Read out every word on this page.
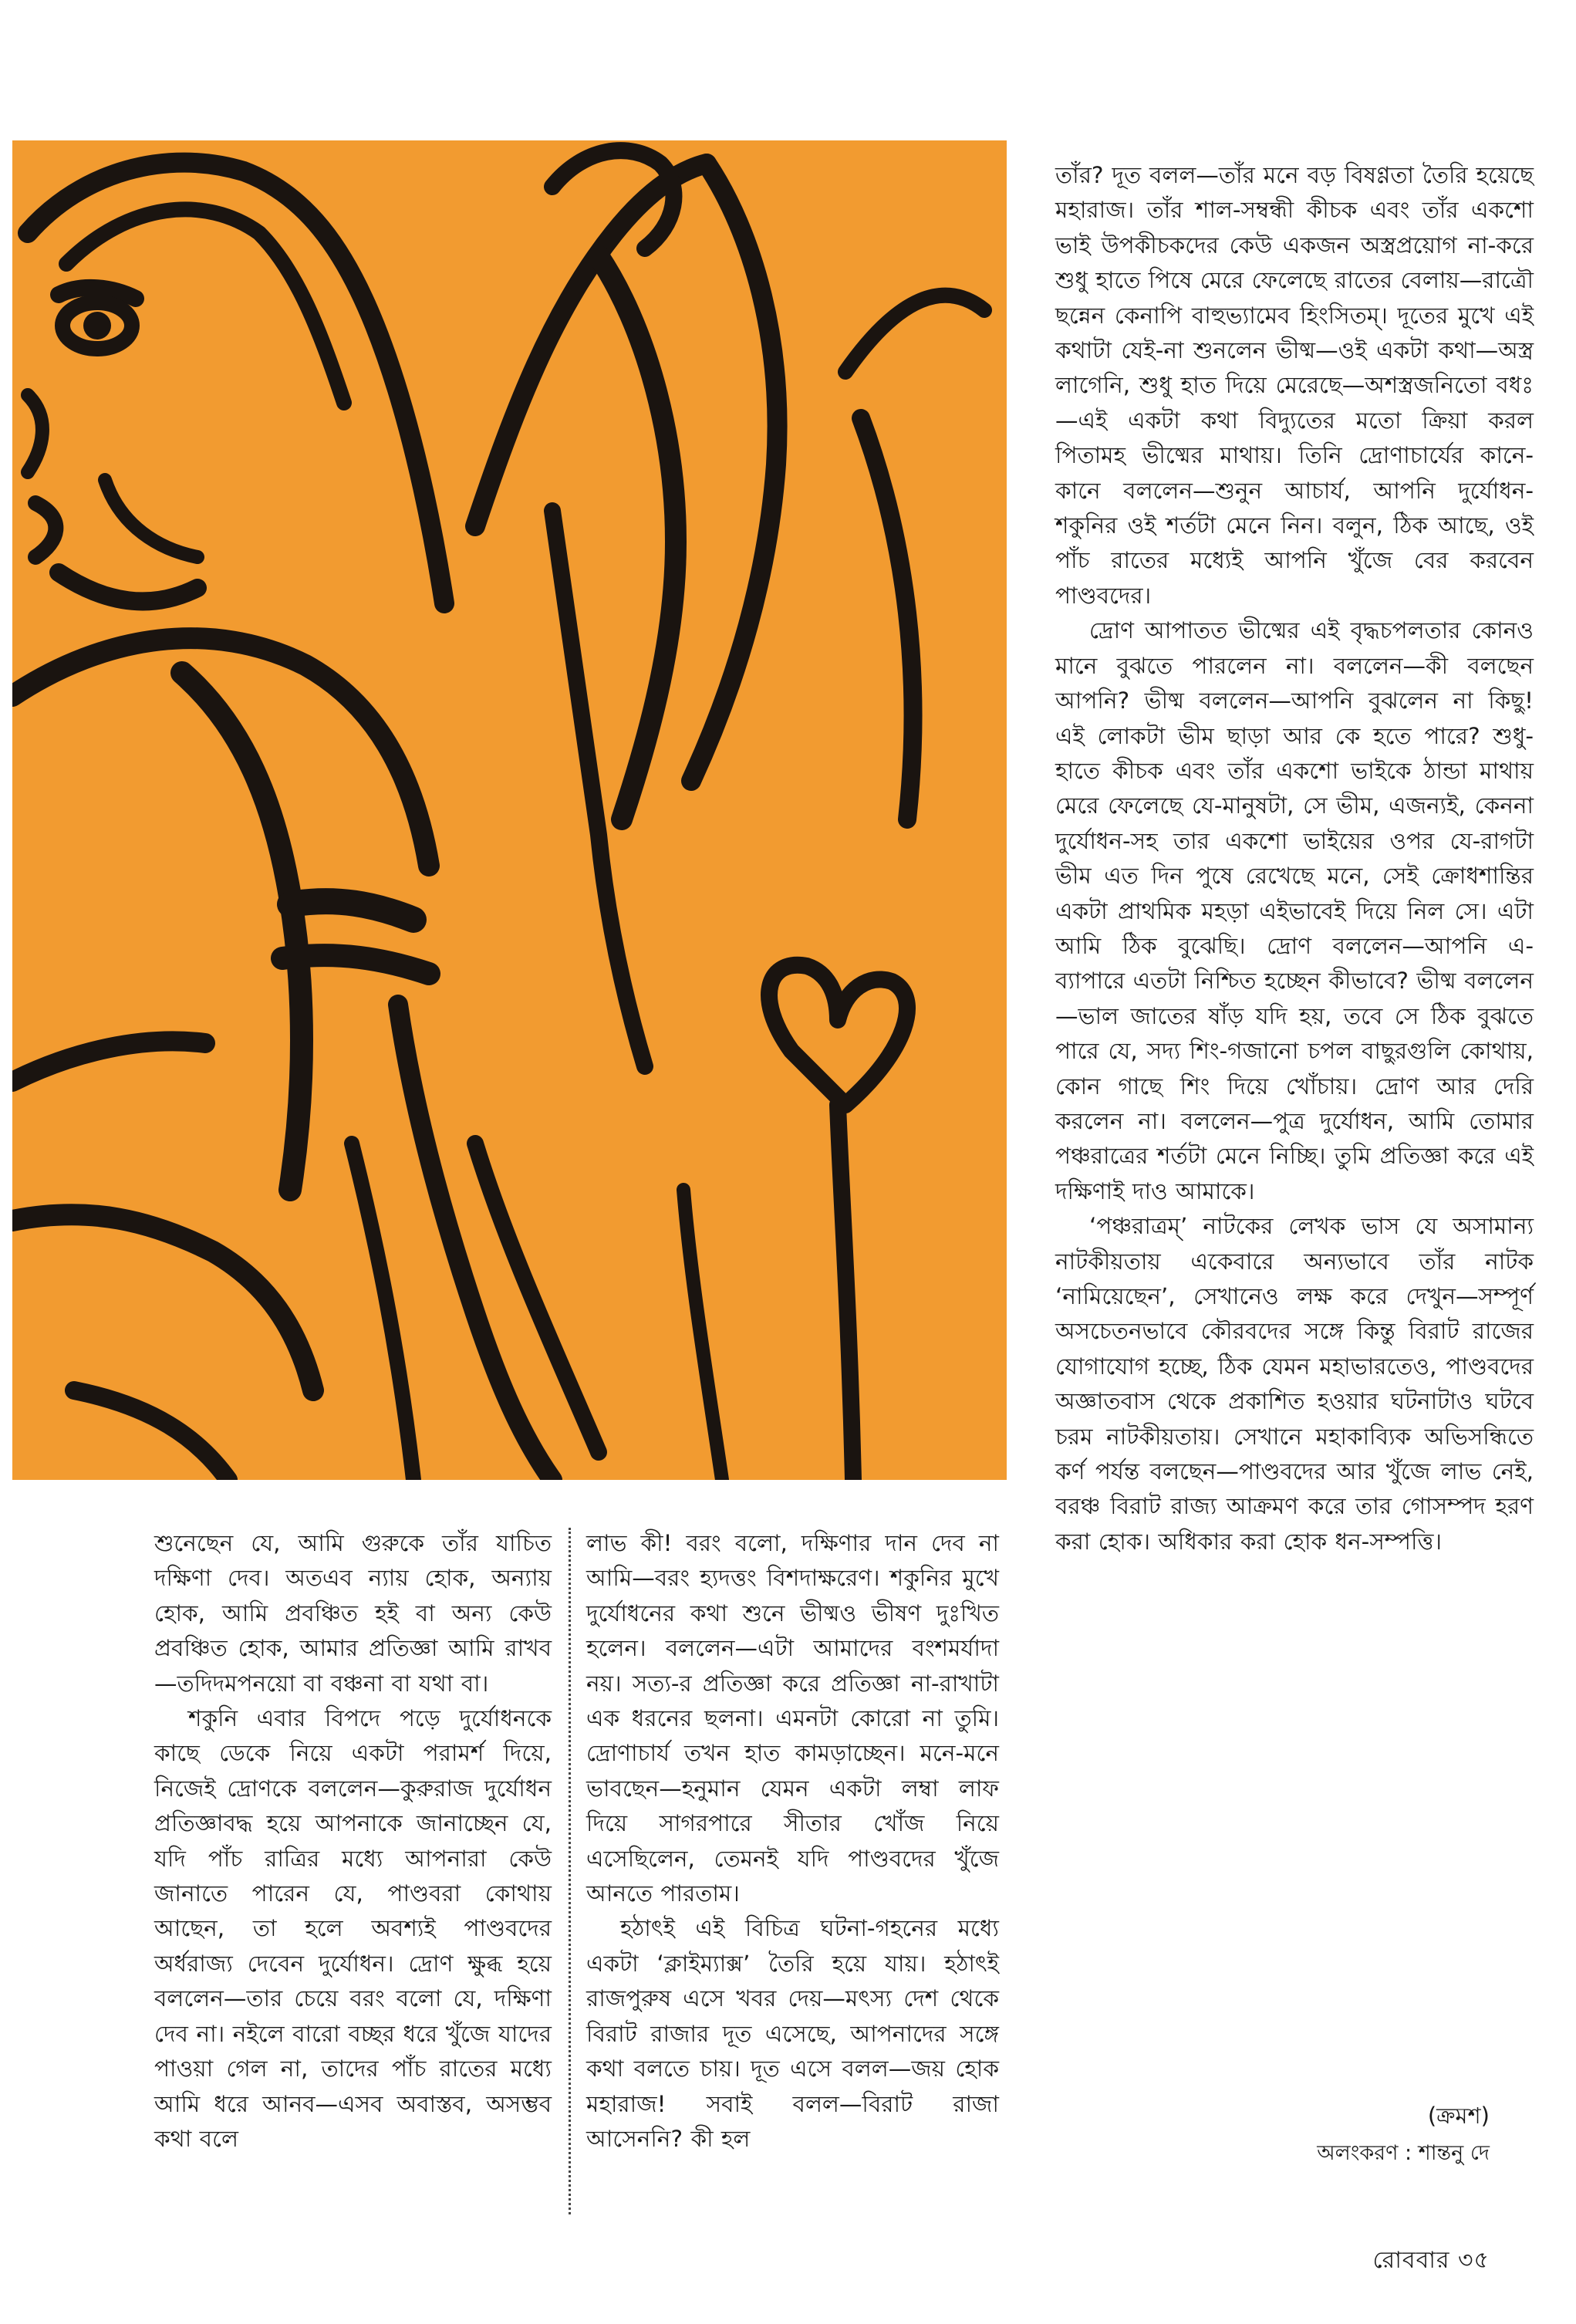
তাঁর? দূত বলল—তাঁর মনে বড় বিষণ্ণতা তৈরি হয়েছে মহারাজ। তাঁর শাল-সম্বন্ধী কীচক এবং তাঁর একশো ভাই উপকীচকদের কেউ একজন অস্ত্রপ্রয়োগ না-করে শুধু হাতে পিষে মেরে ফেলেছে রাতের বেলায়—রাত্রৌ ছন্নেন কেনাপি বাহুভ্যামেব হিংসিতম্। দূতের মুখে এই কথাটা যেই-না শুনলেন ভীষ্ম—ওই একটা কথা—অস্ত্র লাগেনি, শুধু হাত দিয়ে মেরেছে—অশস্ত্রজনিতো বধঃ—এই একটা কথা বিদ্যুতের মতো ক্রিয়া করল পিতামহ ভীষ্মের মাথায়। তিনি দ্রোণাচার্যের কানে-কানে বললেন—শুনুন আচার্য, আপনি দুর্যোধন-শকুনির ওই শর্তটা মেনে নিন। বলুন, ঠিক আছে, ওই পাঁচ রাতের মধ্যেই আপনি খুঁজে বের করবেন পাণ্ডবদের।

দ্রোণ আপাতত ভীষ্মের এই বৃদ্ধচপলতার কোনও মানে বুঝতে পারলেন না। বললেন—কী বলছেন আপনি? ভীষ্ম বললেন—আপনি বুঝলেন না কিছু! এই লোকটা ভীম ছাড়া আর কে হতে পারে? শুধু-হাতে কীচক এবং তাঁর একশো ভাইকে ঠান্ডা মাথায় মেরে ফেলেছে যে-মানুষটা, সে ভীম, এজন্যই, কেননা দুর্যোধন-সহ তার একশো ভাইয়ের ওপর যে-রাগটা ভীম এত দিন পুষে রেখেছে মনে, সেই ক্রোধশান্তির একটা প্রাথমিক মহড়া এইভাবেই দিয়ে নিল সে। এটা আমি ঠিক বুঝেছি। দ্রোণ বললেন—আপনি এ-ব্যাপারে এতটা নিশ্চিত হচ্ছেন কীভাবে? ভীষ্ম বললেন—ভাল জাতের ষাঁড় যদি হয়, তবে সে ঠিক বুঝতে পারে যে, সদ্য শিং-গজানো চপল বাছুরগুলি কোথায়, কোন গাছে শিং দিয়ে খোঁচায়। দ্রোণ আর দেরি করলেন না। বললেন—পুত্র দুর্যোধন, আমি তোমার পঞ্চরাত্রের শর্তটা মেনে নিচ্ছি। তুমি প্রতিজ্ঞা করে এই দক্ষিণাই দাও আমাকে।

‘পঞ্চরাত্রম্’ নাটকের লেখক ভাস যে অসামান্য নাটকীয়তায় একেবারে অন্যভাবে তাঁর নাটক ‘নামিয়েছেন’, সেখানেও লক্ষ করে দেখুন—সম্পূর্ণ অসচেতনভাবে কৌরবদের সঙ্গে কিন্তু বিরাট রাজের যোগাযোগ হচ্ছে, ঠিক যেমন মহাভারতেও, পাণ্ডবদের অজ্ঞাতবাস থেকে প্রকাশিত হওয়ার ঘটনাটাও ঘটবে চরম নাটকীয়তায়। সেখানে মহাকাব্যিক অভিসন্ধিতে কর্ণ পর্যন্ত বলছেন—পাণ্ডবদের আর খুঁজে লাভ নেই, বরঞ্চ বিরাট রাজ্য আক্রমণ করে তার গোসম্পদ হরণ করা হোক। অধিকার করা হোক ধন-সম্পত্তি।

শুনেছেন যে, আমি গুরুকে তাঁর যাচিত দক্ষিণা দেব। অতএব ন্যায় হোক, অন্যায় হোক, আমি প্রবঞ্চিত হই বা অন্য কেউ প্রবঞ্চিত হোক, আমার প্রতিজ্ঞা আমি রাখব—তদিদমপনয়ো বা বঞ্চনা বা যথা বা।

শকুনি এবার বিপদে পড়ে দুর্যোধনকে কাছে ডেকে নিয়ে একটা পরামর্শ দিয়ে, নিজেই দ্রোণকে বললেন—কুরুরাজ দুর্যোধন প্রতিজ্ঞাবদ্ধ হয়ে আপনাকে জানাচ্ছেন যে, যদি পাঁচ রাত্রির মধ্যে আপনারা কেউ জানাতে পারেন যে, পাণ্ডবরা কোথায় আছেন, তা হলে অবশ্যই পাণ্ডবদের অর্ধরাজ্য দেবেন দুর্যোধন। দ্রোণ ক্ষুব্ধ হয়ে বললেন—তার চেয়ে বরং বলো যে, দক্ষিণা দেব না। নইলে বারো বচ্ছর ধরে খুঁজে যাদের পাওয়া গেল না, তাদের পাঁচ রাতের মধ্যে আমি ধরে আনব—এসব অবাস্তব, অসম্ভব কথা বলে

লাভ কী! বরং বলো, দক্ষিণার দান দেব না আমি—বরং হ্যদত্তং বিশদাক্ষরেণ। শকুনির মুখে দুর্যোধনের কথা শুনে ভীষ্মও ভীষণ দুঃখিত হলেন। বললেন—এটা আমাদের বংশমর্যাদা নয়। সত্য-র প্রতিজ্ঞা করে প্রতিজ্ঞা না-রাখাটা এক ধরনের ছলনা। এমনটা কোরো না তুমি। দ্রোণাচার্য তখন হাত কামড়াচ্ছেন। মনে-মনে ভাবছেন—হনুমান যেমন একটা লম্বা লাফ দিয়ে সাগরপারে সীতার খোঁজ নিয়ে এসেছিলেন, তেমনই যদি পাণ্ডবদের খুঁজে আনতে পারতাম।

হঠাৎই এই বিচিত্র ঘটনা-গহনের মধ্যে একটা ‘ক্লাইম্যাক্স’ তৈরি হয়ে যায়। হঠাৎই রাজপুরুষ এসে খবর দেয়—মৎস্য দেশ থেকে বিরাট রাজার দূত এসেছে, আপনাদের সঙ্গে কথা বলতে চায়। দূত এসে বলল—জয় হোক মহারাজ! সবাই বলল—বিরাট রাজা আসেননি? কী হল

(ক্রমশ)
অলংকরণ : শান্তনু দে
রোববার ৩৫
